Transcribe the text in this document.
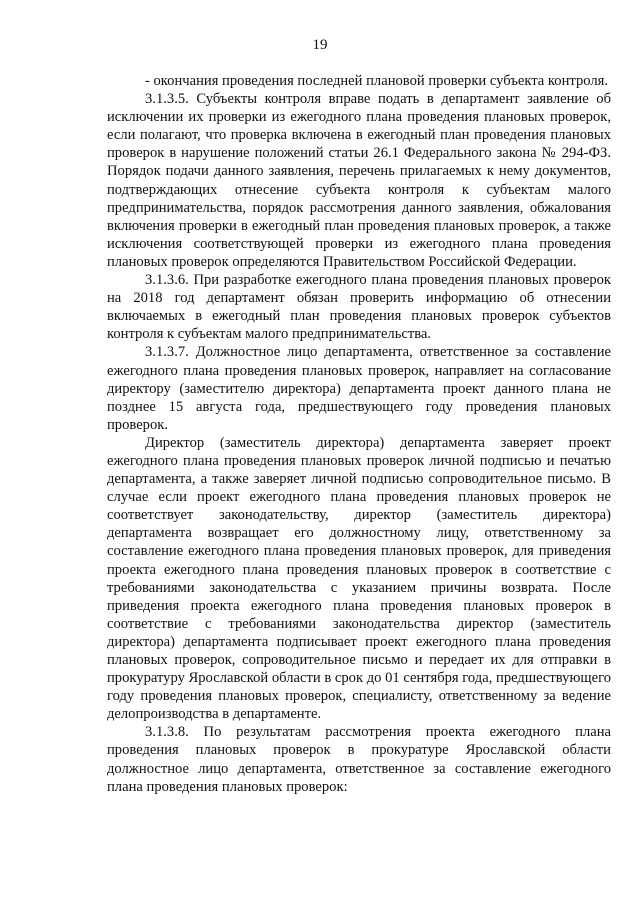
19

- окончания проведения последней плановой проверки субъекта контроля.

3.1.3.5. Субъекты контроля вправе подать в департамент заявление об исключении их проверки из ежегодного плана проведения плановых проверок, если полагают, что проверка включена в ежегодный план проведения плановых проверок в нарушение положений статьи 26.1 Федерального закона № 294-ФЗ. Порядок подачи данного заявления, перечень прилагаемых к нему документов, подтверждающих отнесение субъекта контроля к субъектам малого предпринимательства, порядок рассмотрения данного заявления, обжалования включения проверки в ежегодный план проведения плановых проверок, а также исключения соответствующей проверки из ежегодного плана проведения плановых проверок определяются Правительством Российской Федерации.

3.1.3.6. При разработке ежегодного плана проведения плановых проверок на 2018 год департамент обязан проверить информацию об отнесении включаемых в ежегодный план проведения плановых проверок субъектов контроля к субъектам малого предпринимательства.

3.1.3.7. Должностное лицо департамента, ответственное за составление ежегодного плана проведения плановых проверок, направляет на согласование директору (заместителю директора) департамента проект данного плана не позднее 15 августа года, предшествующего году проведения плановых проверок.

Директор (заместитель директора) департамента заверяет проект ежегодного плана проведения плановых проверок личной подписью и печатью департамента, а также заверяет личной подписью сопроводительное письмо. В случае если проект ежегодного плана проведения плановых проверок не соответствует законодательству, директор (заместитель директора) департамента возвращает его должностному лицу, ответственному за составление ежегодного плана проведения плановых проверок, для приведения проекта ежегодного плана проведения плановых проверок в соответствие с требованиями законодательства с указанием причины возврата. После приведения проекта ежегодного плана проведения плановых проверок в соответствие с требованиями законодательства директор (заместитель директора) департамента подписывает проект ежегодного плана проведения плановых проверок, сопроводительное письмо и передает их для отправки в прокуратуру Ярославской области в срок до 01 сентября года, предшествующего году проведения плановых проверок, специалисту, ответственному за ведение делопроизводства в департаменте.

3.1.3.8. По результатам рассмотрения проекта ежегодного плана проведения плановых проверок в прокуратуре Ярославской области должностное лицо департамента, ответственное за составление ежегодного плана проведения плановых проверок:
